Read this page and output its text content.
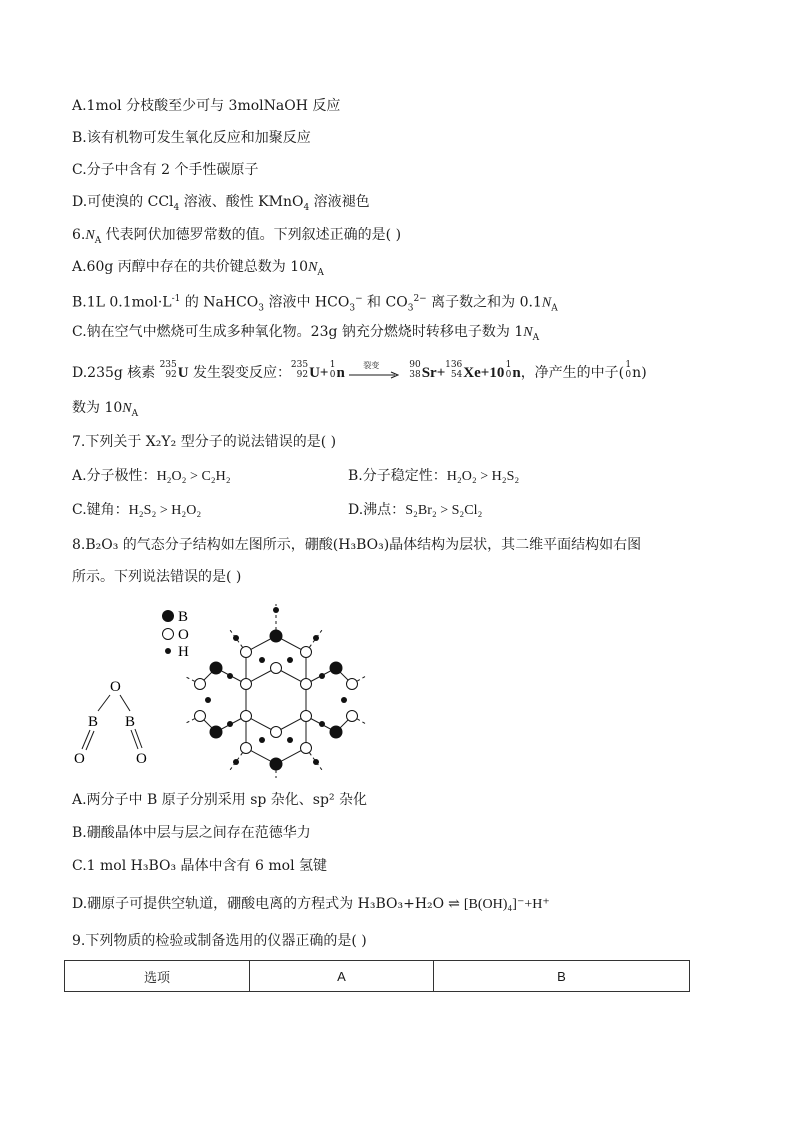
A.1mol 分枝酸至少可与 3molNaOH 反应
B.该有机物可发生氧化反应和加聚反应
C.分子中含有 2 个手性碳原子
D.可使溴的 CCl$_4$ 溶液、酸性 KMnO$_4$ 溶液褪色
$6.N_A$ 代表阿伏加德罗常数的值。下列叙述正确的是( )
A.60g 丙醇中存在的共价键总数为 $10N_A$
B.1L $0.1mol\cdot L^{-1}$ 的 NaHCO$_3$ 溶液中 $HCO_3^-$ 和 $CO_3^{2-}$ 离子数之和为 $0.1N_A$
C.钠在空气中燃烧可生成多种氧化物。23g 钠充分燃烧时转移电子数为 $1N_A$
D.235g 核素 235
92 U 发生裂变反应： 235
92 U+ 1
0 n 裂变
	90
38 Sr+ 136
54 Xe+10 1
0 n，净产生的中子( 1
0 n)
数为 $10N_A$
7.下列关于 X₂Y₂ 型分子的说法错误的是( )
A.分子极性：H₂O₂ > C₂H₂	B.分子稳定性：H₂O₂ > H₂S₂
C.键角：H₂S₂ > H₂O₂	D.沸点：S₂Br₂ > S₂Cl₂
8.B₂O₃ 的气态分子结构如左图所示，硼酸(H₃BO₃)晶体结构为层状，其二维平面结构如右图
所示。下列说法错误的是( )
O
B B
O	O
B
O
H
A.两分子中 B 原子分别采用 sp 杂化、sp² 杂化
B.硼酸晶体中层与层之间存在范德华力
C.1 mol H₃BO₃ 晶体中含有 6 mol 氢键
D.硼原子可提供空轨道，硼酸电离的方程式为 H₃BO₃+H₂O ⇌ [B(OH)₄]⁻+H⁺
9.下列物质的检验或制备选用的仪器正确的是( )
选项	A	B
